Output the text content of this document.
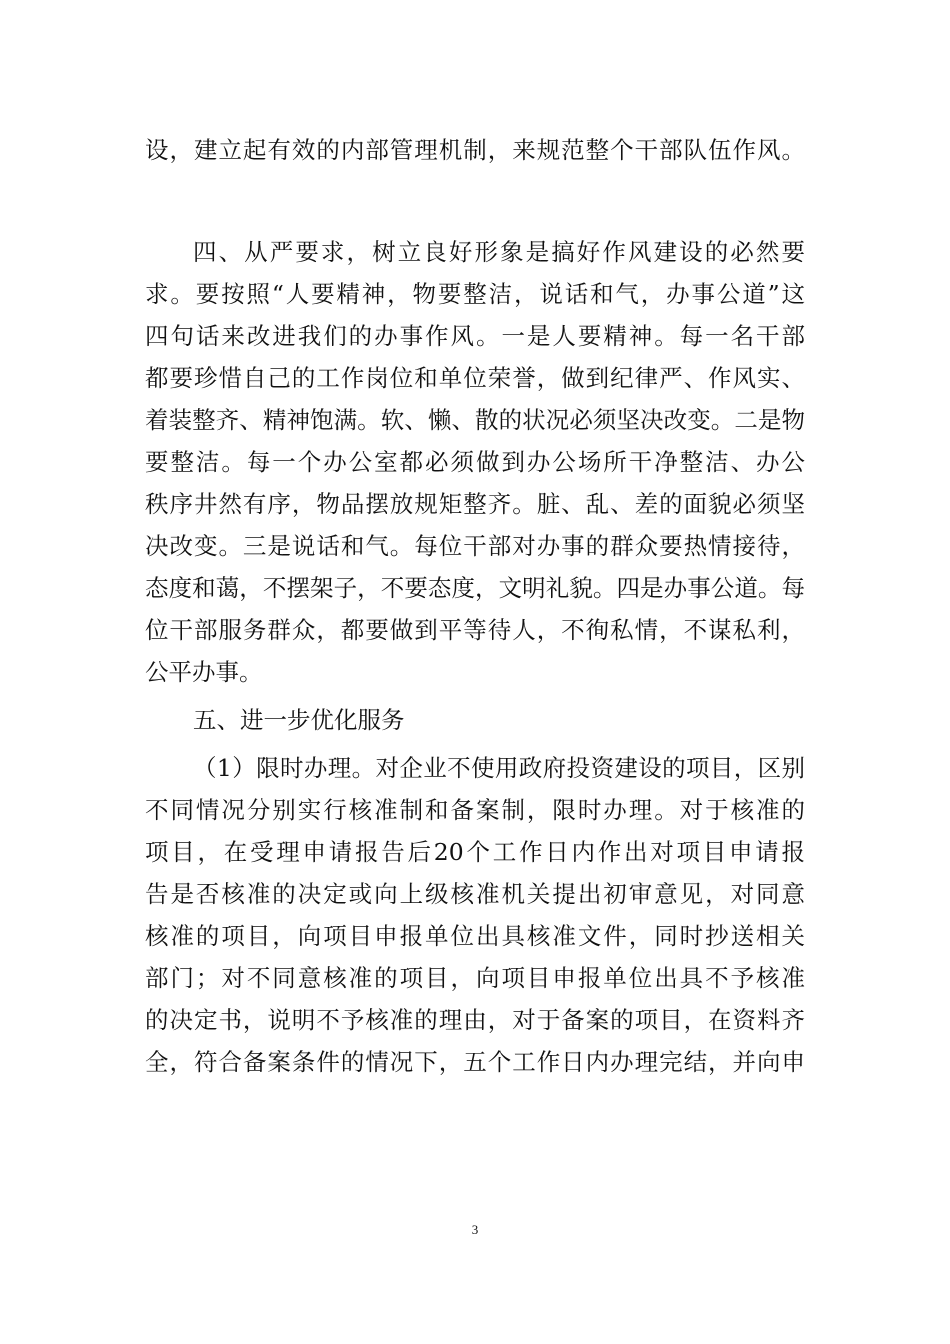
设，建立起有效的内部管理机制，来规范整个干部队伍作风。
四、从严要求，树立良好形象是搞好作风建设的必然要
求。要按照“人要精神，物要整洁，说话和气，办事公道”这
四句话来改进我们的办事作风。一是人要精神。每一名干部
都要珍惜自己的工作岗位和单位荣誉，做到纪律严、作风实、
着装整齐、精神饱满。软、懒、散的状况必须坚决改变。二是物
要整洁。每一个办公室都必须做到办公场所干净整洁、办公
秩序井然有序，物品摆放规矩整齐。脏、乱、差的面貌必须坚
决改变。三是说话和气。每位干部对办事的群众要热情接待，
态度和蔼，不摆架子，不要态度，文明礼貌。四是办事公道。每
位干部服务群众，都要做到平等待人，不徇私情，不谋私利，
公平办事。
五、进一步优化服务
（1）限时办理。对企业不使用政府投资建设的项目，区别
不同情况分别实行核准制和备案制，限时办理。对于核准的
项目，在受理申请报告后20个工作日内作出对项目申请报
告是否核准的决定或向上级核准机关提出初审意见，对同意
核准的项目，向项目申报单位出具核准文件，同时抄送相关
部门；对不同意核准的项目，向项目申报单位出具不予核准
的决定书，说明不予核准的理由，对于备案的项目，在资料齐
全，符合备案条件的情况下，五个工作日内办理完结，并向申
3
